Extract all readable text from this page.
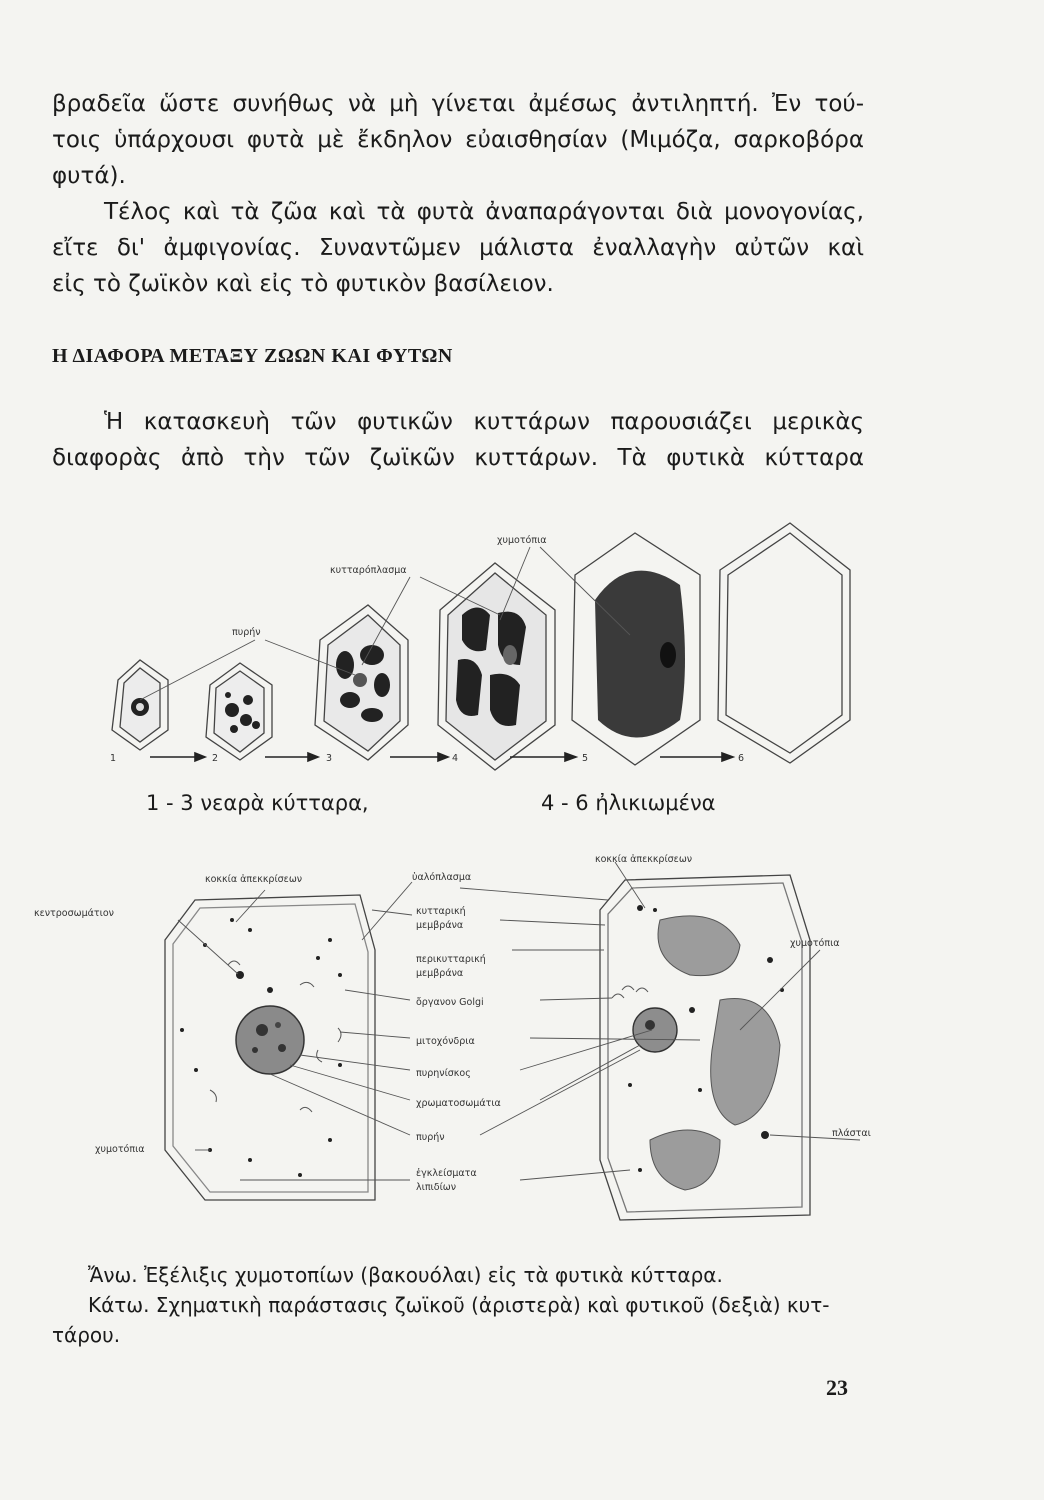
βραδεῖα ὥστε συνήθως νὰ μὴ γίνεται ἀμέσως ἀντιληπτή. Ἐν τού-
τοις ὑπάρχουσι φυτὰ μὲ ἔκδηλον εὐαισθησίαν (Μιμόζα, σαρκοβόρα
φυτά).
Τέλος καὶ τὰ ζῶα καὶ τὰ φυτὰ ἀναπαράγονται διὰ μονογονίας,
εἴτε δι' ἀμφιγονίας. Συναντῶμεν μάλιστα ἐναλλαγὴν αὐτῶν καὶ
εἰς τὸ ζωϊκὸν καὶ εἰς τὸ φυτικὸν βασίλειον.
Η ΔΙΑΦΟΡΑ ΜΕΤΑΞΥ ΖΩΩΝ ΚΑΙ ΦΥΤΩΝ
Ἡ κατασκευὴ τῶν φυτικῶν κυττάρων παρουσιάζει μερικὰς
διαφορὰς ἀπὸ τὴν τῶν ζωϊκῶν κυττάρων. Τὰ φυτικὰ κύτταρα
1	2	3	4	5	6
χυμοτόπια
κυτταρόπλασμα
πυρήν
1 - 3 νεαρὰ κύτταρα,	4 - 6 ἠλικιωμένα
κοκκία ἀπεκκρίσεων
κεντροσωμάτιον
χυμοτόπια
ὑαλόπλασμα
κυτταρική
μεμβράνα
περικυτταρική
μεμβράνα
ὄργανον Golgi
μιτοχόνδρια
πυρηνίσκος
χρωματοσωμάτια
πυρήν
ἐγκλείσματα
λιπιδίων
κοκκία ἀπεκκρίσεων
χυμοτόπια
πλάσται
Ἄνω. Ἐξέλιξις χυμοτοπίων (βακουόλαι) εἰς τὰ φυτικὰ κύτταρα.
Κάτω. Σχηματικὴ παράστασις ζωϊκοῦ (ἀριστερὰ) καὶ φυτικοῦ (δεξιὰ) κυτ-
τάρου.
23
